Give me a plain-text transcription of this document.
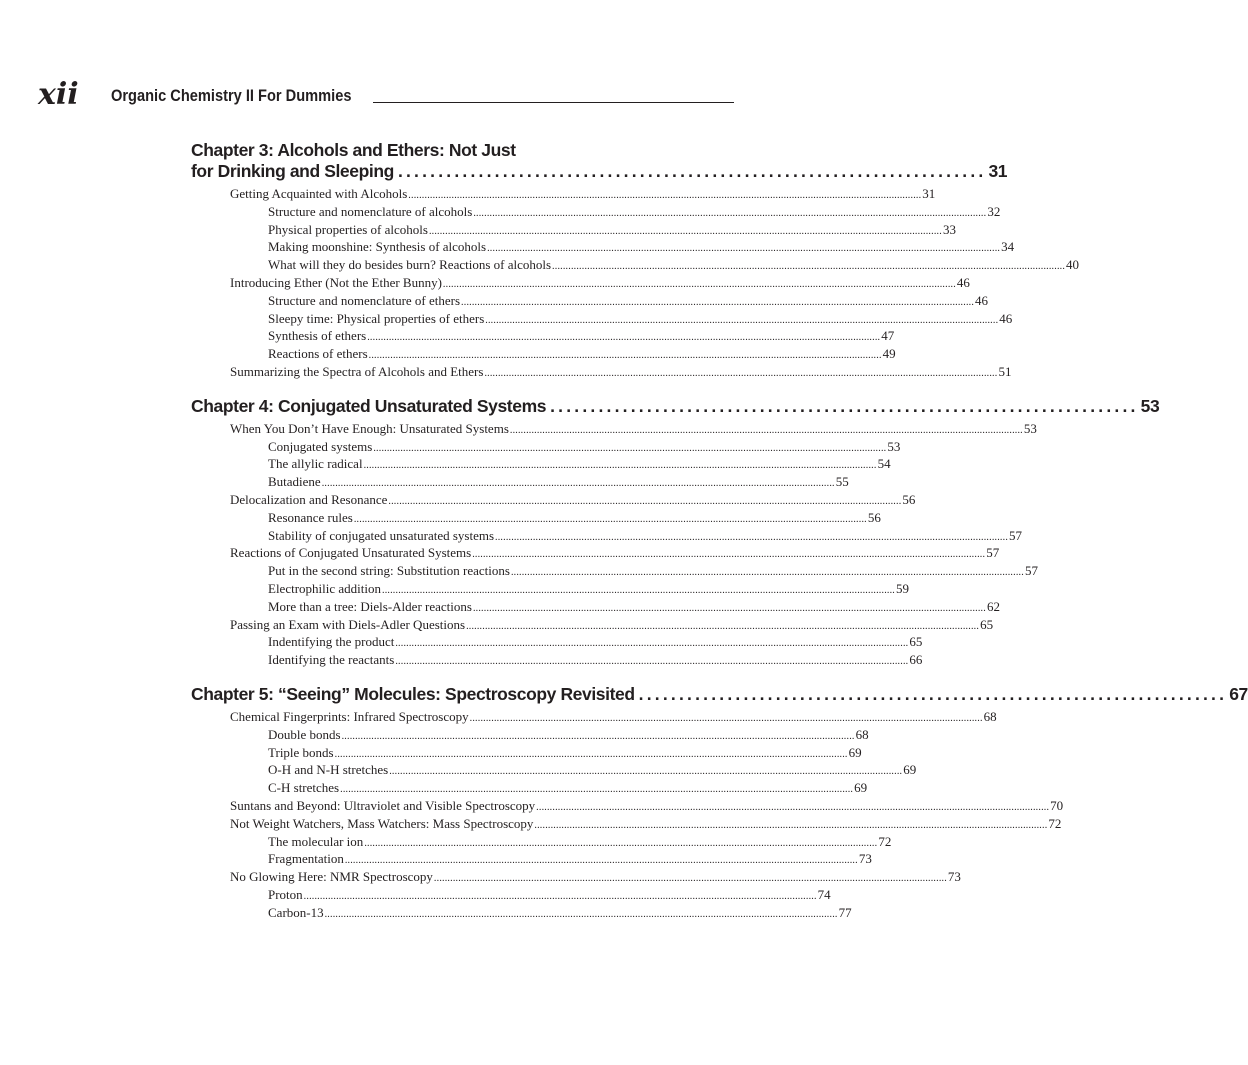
xii Organic Chemistry II For Dummies
Chapter 3: Alcohols and Ethers: Not Just
for Drinking and Sleeping ......................................................................... 31
Getting Acquainted with Alcohols .............................................................................................................................................................................................. 31
Structure and nomenclature of alcohols .............................................................................................................................................................................................. 32
Physical properties of alcohols .............................................................................................................................................................................................. 33
Making moonshine: Synthesis of alcohols .............................................................................................................................................................................................. 34
What will they do besides burn? Reactions of alcohols .............................................................................................................................................................................................. 40
Introducing Ether (Not the Ether Bunny) .............................................................................................................................................................................................. 46
Structure and nomenclature of ethers .............................................................................................................................................................................................. 46
Sleepy time: Physical properties of ethers .............................................................................................................................................................................................. 46
Synthesis of ethers .............................................................................................................................................................................................. 47
Reactions of ethers .............................................................................................................................................................................................. 49
Summarizing the Spectra of Alcohols and Ethers .............................................................................................................................................................................................. 51
Chapter 4: Conjugated Unsaturated Systems ......................................................................... 53
When You Don’t Have Enough: Unsaturated Systems .............................................................................................................................................................................................. 53
Conjugated systems .............................................................................................................................................................................................. 53
The allylic radical .............................................................................................................................................................................................. 54
Butadiene .............................................................................................................................................................................................. 55
Delocalization and Resonance .............................................................................................................................................................................................. 56
Resonance rules .............................................................................................................................................................................................. 56
Stability of conjugated unsaturated systems .............................................................................................................................................................................................. 57
Reactions of Conjugated Unsaturated Systems .............................................................................................................................................................................................. 57
Put in the second string: Substitution reactions .............................................................................................................................................................................................. 57
Electrophilic addition .............................................................................................................................................................................................. 59
More than a tree: Diels-Alder reactions .............................................................................................................................................................................................. 62
Passing an Exam with Diels-Adler Questions .............................................................................................................................................................................................. 65
Indentifying the product .............................................................................................................................................................................................. 65
Identifying the reactants .............................................................................................................................................................................................. 66
Chapter 5: “Seeing” Molecules: Spectroscopy Revisited ......................................................................... 67
Chemical Fingerprints: Infrared Spectroscopy .............................................................................................................................................................................................. 68
Double bonds .............................................................................................................................................................................................. 68
Triple bonds .............................................................................................................................................................................................. 69
O-H and N-H stretches .............................................................................................................................................................................................. 69
C-H stretches .............................................................................................................................................................................................. 69
Suntans and Beyond: Ultraviolet and Visible Spectroscopy .............................................................................................................................................................................................. 70
Not Weight Watchers, Mass Watchers: Mass Spectroscopy .............................................................................................................................................................................................. 72
The molecular ion .............................................................................................................................................................................................. 72
Fragmentation .............................................................................................................................................................................................. 73
No Glowing Here: NMR Spectroscopy .............................................................................................................................................................................................. 73
Proton .............................................................................................................................................................................................. 74
Carbon-13 .............................................................................................................................................................................................. 77
